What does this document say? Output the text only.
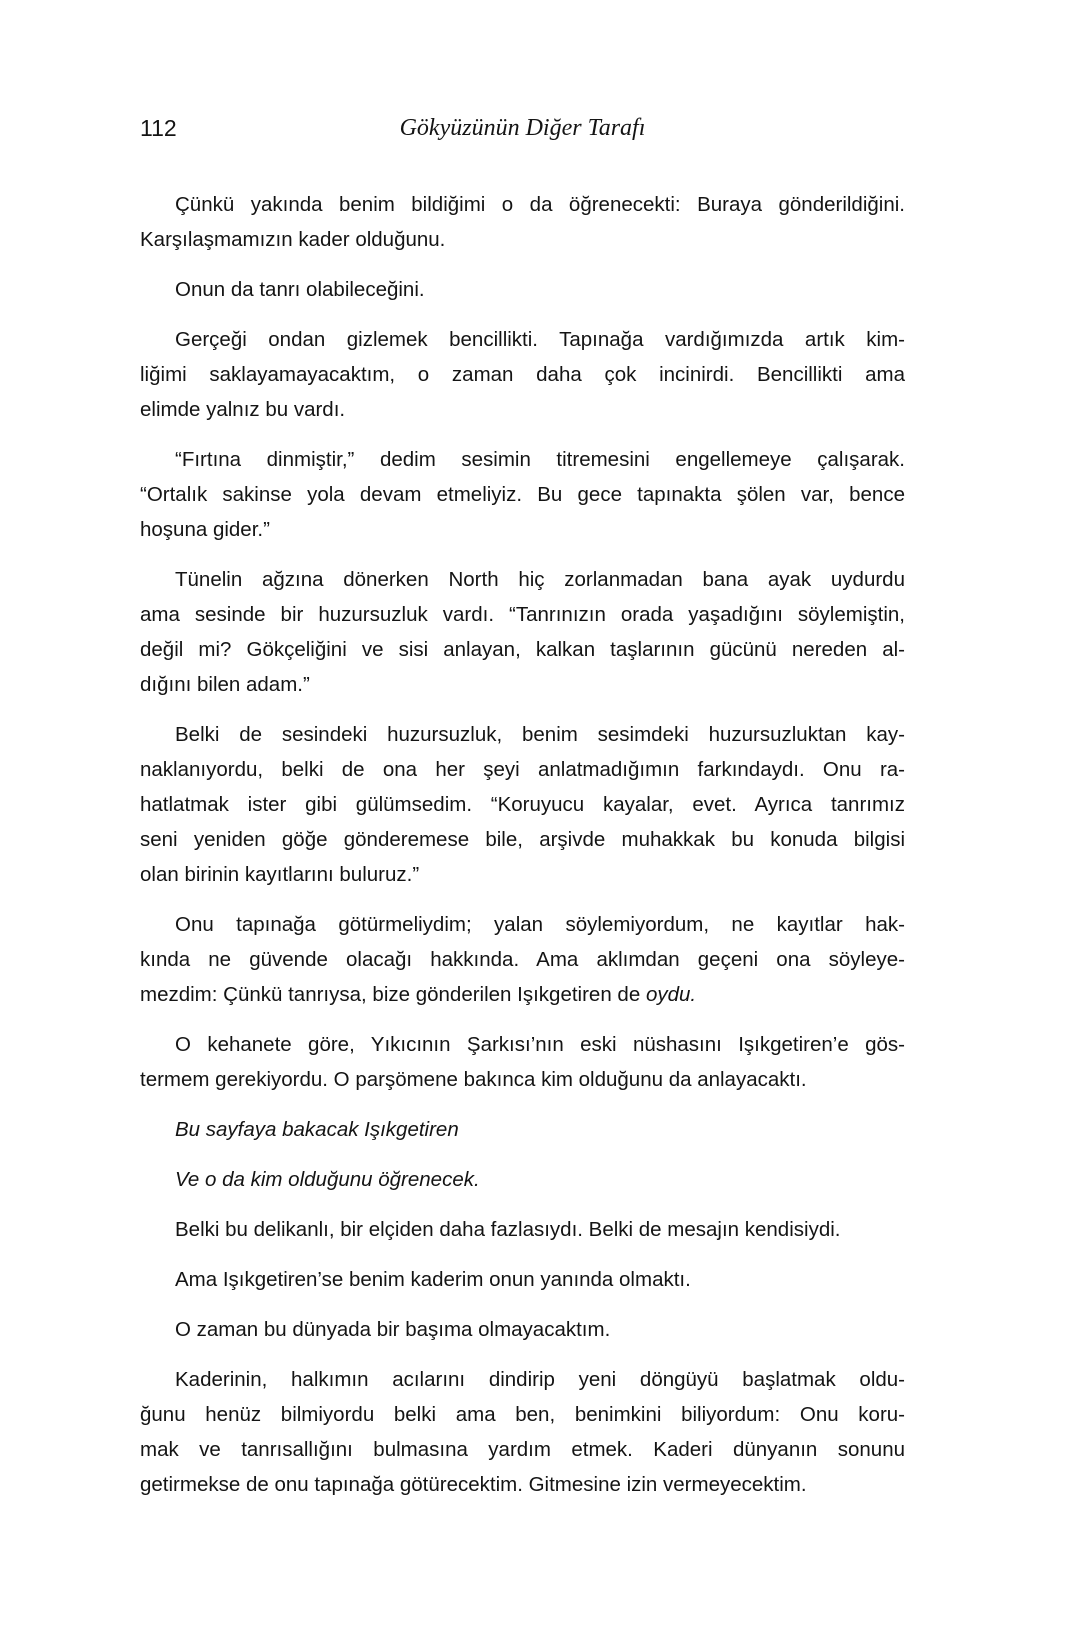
112	Gökyüzünün Diğer Tarafı
Çünkü yakında benim bildiğimi o da öğrenecekti: Buraya gönderildiğini.
Karşılaşmamızın kader olduğunu.
Onun da tanrı olabileceğini.
Gerçeği ondan gizlemek bencillikti. Tapınağa vardığımızda artık kim-
liğimi saklayamayacaktım, o zaman daha çok incinirdi. Bencillikti ama
elimde yalnız bu vardı.
“Fırtına dinmiştir,” dedim sesimin titremesini engellemeye çalışarak.
“Ortalık sakinse yola devam etmeliyiz. Bu gece tapınakta şölen var, bence
hoşuna gider.”
Tünelin ağzına dönerken North hiç zorlanmadan bana ayak uydurdu
ama sesinde bir huzursuzluk vardı. “Tanrınızın orada yaşadığını söylemiştin,
değil mi? Gökçeliğini ve sisi anlayan, kalkan taşlarının gücünü nereden al-
dığını bilen adam.”
Belki de sesindeki huzursuzluk, benim sesimdeki huzursuzluktan kay-
naklanıyordu, belki de ona her şeyi anlatmadığımın farkındaydı. Onu ra-
hatlatmak ister gibi gülümsedim. “Koruyucu kayalar, evet. Ayrıca tanrımız
seni yeniden göğe gönderemese bile, arşivde muhakkak bu konuda bilgisi
olan birinin kayıtlarını buluruz.”
Onu tapınağa götürmeliydim; yalan söylemiyordum, ne kayıtlar hak-
kında ne güvende olacağı hakkında. Ama aklımdan geçeni ona söyleye-
mezdim: Çünkü tanrıysa, bize gönderilen Işıkgetiren de oydu.
O kehanete göre, Yıkıcının Şarkısı’nın eski nüshasını Işıkgetiren’e gös-
termem gerekiyordu. O parşömene bakınca kim olduğunu da anlayacaktı.
Bu sayfaya bakacak Işıkgetiren
Ve o da kim olduğunu öğrenecek.
Belki bu delikanlı, bir elçiden daha fazlasıydı. Belki de mesajın kendisiydi.
Ama Işıkgetiren’se benim kaderim onun yanında olmaktı.
O zaman bu dünyada bir başıma olmayacaktım.
Kaderinin, halkımın acılarını dindirip yeni döngüyü başlatmak oldu-
ğunu henüz bilmiyordu belki ama ben, benimkini biliyordum: Onu koru-
mak ve tanrısallığını bulmasına yardım etmek. Kaderi dünyanın sonunu
getirmekse de onu tapınağa götürecektim. Gitmesine izin vermeyecektim.
